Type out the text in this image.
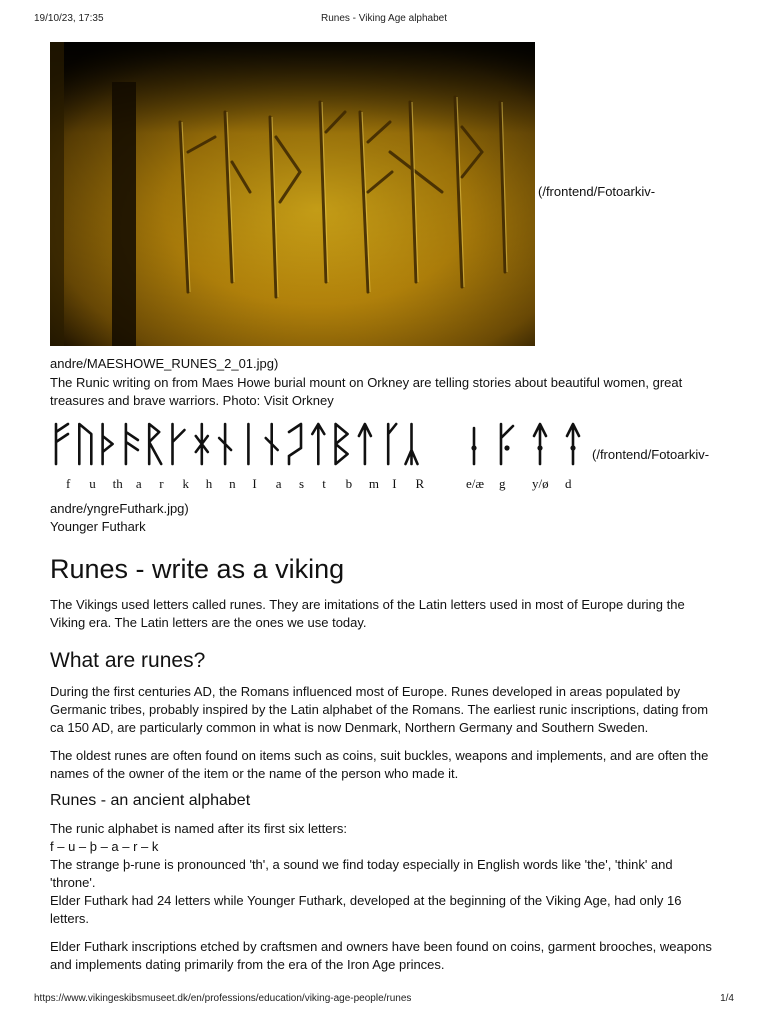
19/10/23, 17:35	Runes - Viking Age alphabet
(/frontend/Fotoarkiv-
andre/MAESHOWE_RUNES_2_01.jpg)
The Runic writing on from Maes Howe burial mount on Orkney are telling stories about beautiful women, great treasures and brave warriors. Photo: Visit Orkney
f u th a r k h n I a s t b m I R	e/æ g y/ø d
(/frontend/Fotoarkiv-
andre/yngreFuthark.jpg)
Younger Futhark
Runes - write as a viking

The Vikings used letters called runes. They are imitations of the Latin letters used in most of Europe during the Viking era. The Latin letters are the ones we use today.

What are runes?

During the first centuries AD, the Romans influenced most of Europe. Runes developed in areas populated by Germanic tribes, probably inspired by the Latin alphabet of the Romans. The earliest runic inscriptions, dating from ca 150 AD, are particularly common in what is now Denmark, Northern Germany and Southern Sweden.

The oldest runes are often found on items such as coins, suit buckles, weapons and implements, and are often the names of the owner of the item or the name of the person who made it.

Runes - an ancient alphabet
The runic alphabet is named after its first six letters:
f – u – þ – a – r – k
The strange þ-rune is pronounced 'th', a sound we find today especially in English words like 'the', 'think' and 'throne'.
Elder Futhark had 24 letters while Younger Futhark, developed at the beginning of the Viking Age, had only 16 letters.

Elder Futhark inscriptions etched by craftsmen and owners have been found on coins, garment brooches, weapons and implements dating primarily from the era of the Iron Age princes.

https://www.vikingeskibsmuseet.dk/en/professions/education/viking-age-people/runes	1/4
